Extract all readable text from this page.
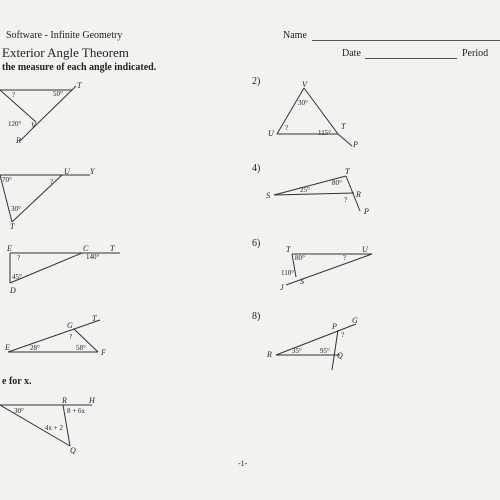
Software - Infinite Geometry	Name
Exterior Angle Theorem	Date	Period
the measure of each angle indicated.
e for x.
T
?	50°
120° V
R
2)	V
30°
?
115°
U
T
P
U	Y
70°	?
30°
T
4)	T
80°
S
25°	R
?
P
E	C	T
?	140°
45°
D
6)
T	U
80°	?
110°
S
J
G
T
?
E	28°	58° F
8)
P
G
?
R	35°	95° Q
R	H
30°	8 + 6x
4x + 2
Q
-1-
